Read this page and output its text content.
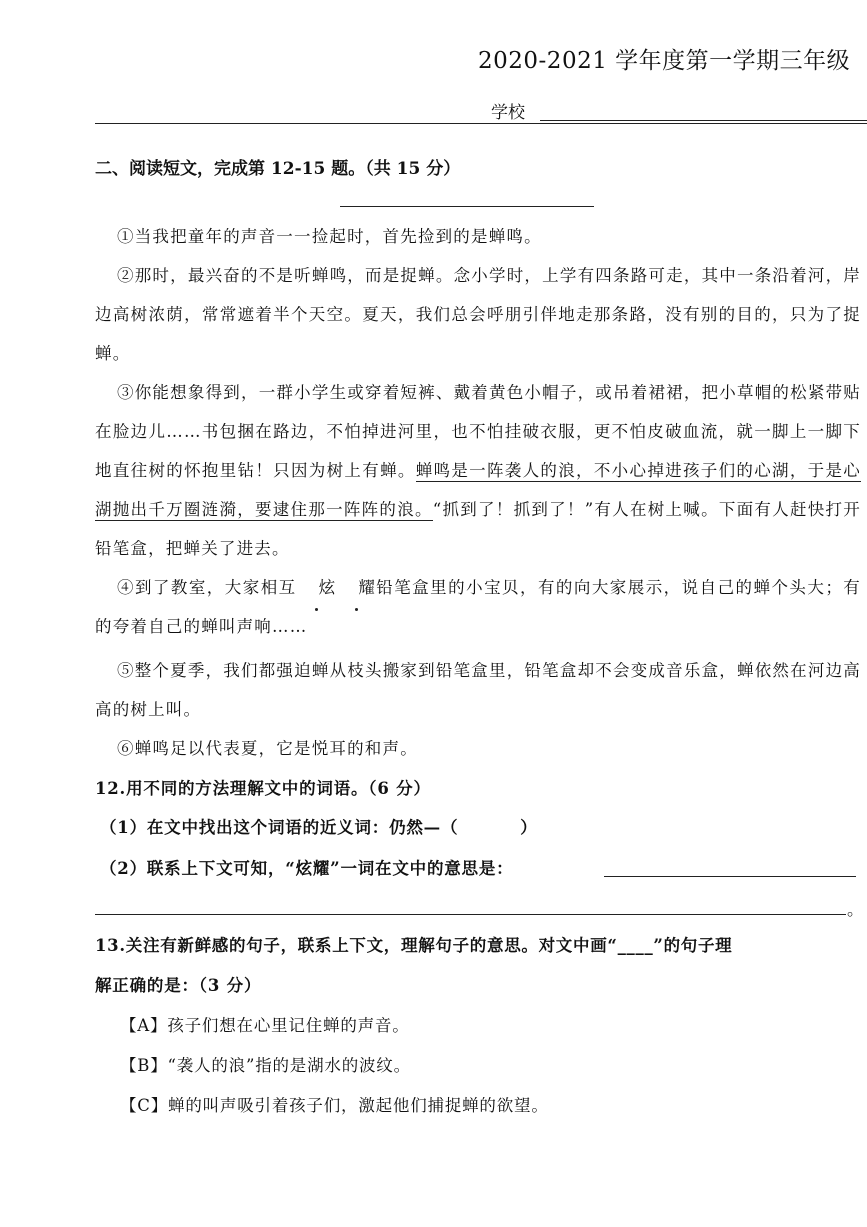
2020-2021 学年度第一学期三年级
学校
二、阅读短文，完成第 12-15 题。（共 15 分）
①当我把童年的声音一一捡起时，首先捡到的是蝉鸣。
②那时，最兴奋的不是听蝉鸣，而是捉蝉。念小学时，上学有四条路可走，其中一条沿着河，岸边高树浓荫，常常遮着半个天空。夏天，我们总会呼朋引伴地走那条路，没有别的目的，只为了捉蝉。
③你能想象得到，一群小学生或穿着短裤、戴着黄色小帽子，或吊着裙裙，把小草帽的松紧带贴在脸边儿……书包捆在路边，不怕掉进河里，也不怕挂破衣服，更不怕皮破血流，就一脚上一脚下地直往树的怀抱里钻！只因为树上有蝉。蝉鸣是一阵袭人的浪，不小心掉进孩子们的心湖，于是心湖抛出千万圈涟漪，要逮住那一阵阵的浪。“抓到了！抓到了！”有人在树上喊。下面有人赶快打开铅笔盒，把蝉关了进去。
④到了教室，大家相互 炫 耀铅笔盒里的小宝贝，有的向大家展示，说自己的蝉个头大；有的夸着自己的蝉叫声响……
⑤整个夏季，我们都强迫蝉从枝头搬家到铅笔盒里，铅笔盒却不会变成音乐盒，蝉依然在河边高高的树上叫。
⑥蝉鸣足以代表夏，它是悦耳的和声。
12.用不同的方法理解文中的词语。（6 分）
（1）在文中找出这个词语的近义词：仍然—（	）
（2）联系上下文可知，“炫耀”一词在文中的意思是：
。
13.关注有新鲜感的句子，联系上下文，理解句子的意思。对文中画“____”的句子理
解正确的是：（3 分）
【A】孩子们想在心里记住蝉的声音。
【B】“袭人的浪”指的是湖水的波纹。
【C】蝉的叫声吸引着孩子们，激起他们捕捉蝉的欲望。
